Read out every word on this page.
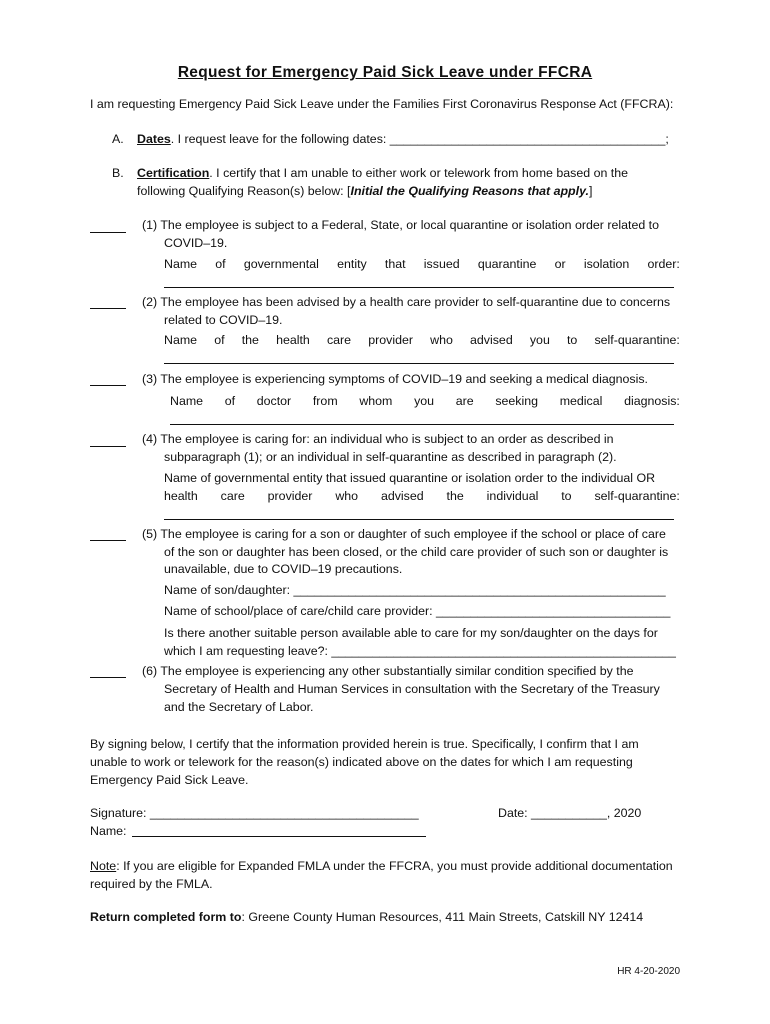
Request for Emergency Paid Sick Leave under FFCRA
I am requesting Emergency Paid Sick Leave under the Families First Coronavirus Response Act (FFCRA):
A. Dates. I request leave for the following dates: ________________________________________;
B. Certification. I certify that I am unable to either work or telework from home based on the
following Qualifying Reason(s) below: [Initial the Qualifying Reasons that apply.]
(1) The employee is subject to a Federal, State, or local quarantine or isolation order related to
COVID–19.
Name of governmental entity that issued quarantine or isolation order:
(2) The employee has been advised by a health care provider to self-quarantine due to concerns
related to COVID–19.
Name of the health care provider who advised you to self-quarantine:
(3) The employee is experiencing symptoms of COVID–19 and seeking a medical diagnosis.
Name of doctor from whom you are seeking medical diagnosis:
(4) The employee is caring for: an individual who is subject to an order as described in
subparagraph (1); or an individual in self-quarantine as described in paragraph (2).
Name of governmental entity that issued quarantine or isolation order to the individual OR
health care provider who advised the individual to self-quarantine:
(5) The employee is caring for a son or daughter of such employee if the school or place of care
of the son or daughter has been closed, or the child care provider of such son or daughter is
unavailable, due to COVID–19 precautions.
Name of son/daughter: ______________________________________________________
Name of school/place of care/child care provider: __________________________________
Is there another suitable person available able to care for my son/daughter on the days for
which I am requesting leave?: __________________________________________________
(6) The employee is experiencing any other substantially similar condition specified by the
Secretary of Health and Human Services in consultation with the Secretary of the Treasury
and the Secretary of Labor.
By signing below, I certify that the information provided herein is true. Specifically, I confirm that I am
unable to work or telework for the reason(s) indicated above on the dates for which I am requesting
Emergency Paid Sick Leave.
Signature: _______________________________________	Date: ___________, 2020
Name:
Note: If you are eligible for Expanded FMLA under the FFCRA, you must provide additional documentation
required by the FMLA.
Return completed form to: Greene County Human Resources, 411 Main Streets, Catskill NY 12414
HR 4-20-2020
